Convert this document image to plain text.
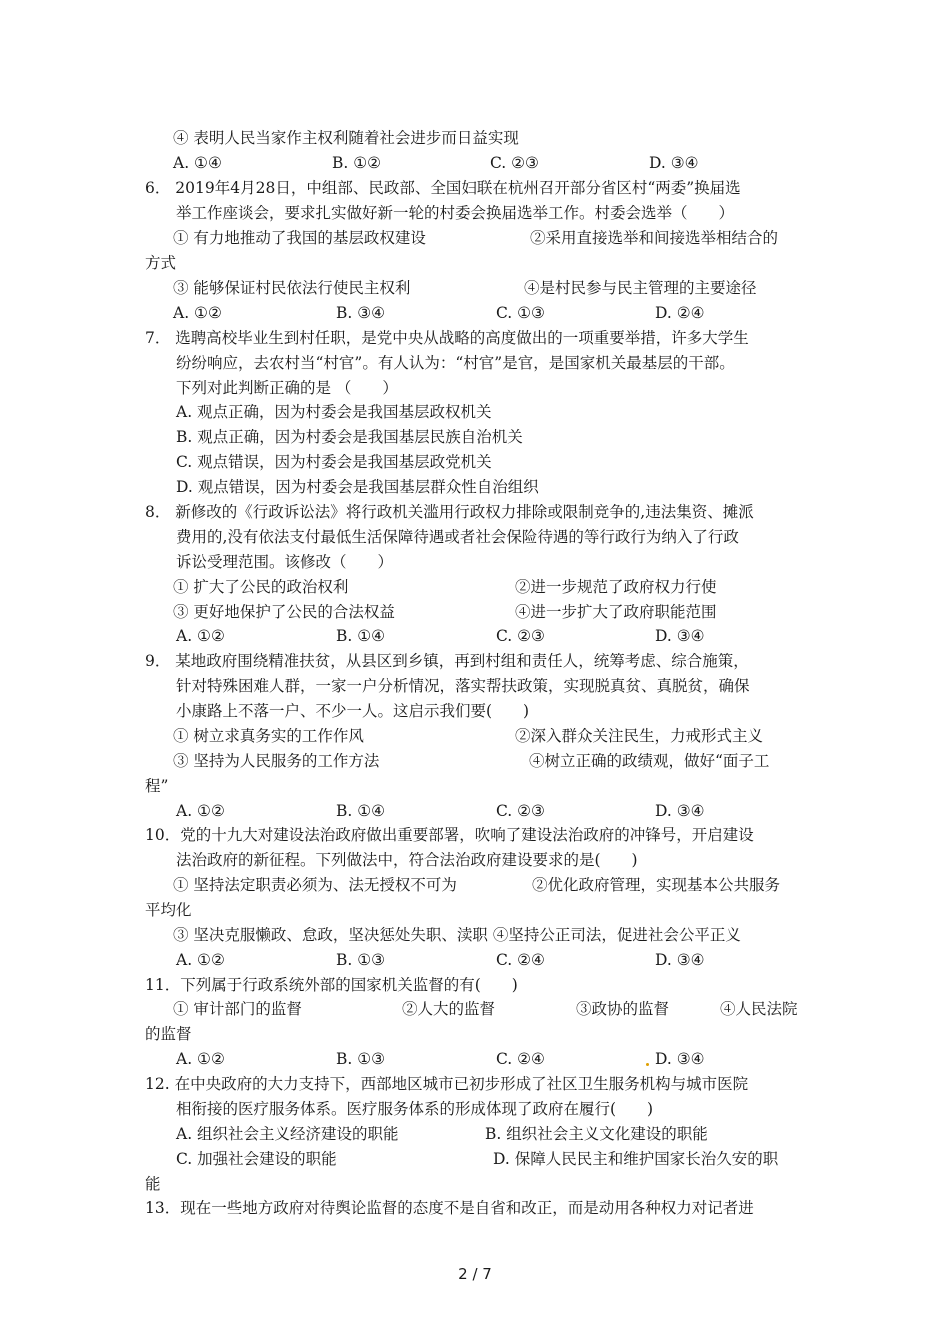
④ 表明人民当家作主权利随着社会进步而日益实现
A. ①④	B. ①②	C. ②③	D. ③④
6． 2019年4月28日，中组部、民政部、全国妇联在杭州召开部分省区村“两委”换届选
举工作座谈会，要求扎实做好新一轮的村委会换届选举工作。村委会选举（　　）
① 有力地推动了我国的基层政权建设	②采用直接选举和间接选举相结合的
方式
③ 能够保证村民依法行使民主权利	④是村民参与民主管理的主要途径
A. ①②	B. ③④	C. ①③	D. ②④
7． 选聘高校毕业生到村任职，是党中央从战略的高度做出的一项重要举措，许多大学生
纷纷响应，去农村当“村官”。有人认为：“村官”是官，是国家机关最基层的干部。
下列对此判断正确的是 （　　）
A. 观点正确，因为村委会是我国基层政权机关
B. 观点正确，因为村委会是我国基层民族自治机关
C. 观点错误，因为村委会是我国基层政党机关
D. 观点错误，因为村委会是我国基层群众性自治组织
8． 新修改的《行政诉讼法》将行政机关滥用行政权力排除或限制竞争的,违法集资、摊派
费用的,没有依法支付最低生活保障待遇或者社会保险待遇的等行政行为纳入了行政
诉讼受理范围。该修改（　　）
① 扩大了公民的政治权利	②进一步规范了政府权力行使
③ 更好地保护了公民的合法权益	④进一步扩大了政府职能范围
A. ①②	B. ①④	C. ②③	D. ③④
9． 某地政府围绕精准扶贫，从县区到乡镇，再到村组和责任人，统筹考虑、综合施策，
针对特殊困难人群，一家一户分析情况，落实帮扶政策，实现脱真贫、真脱贫，确保
小康路上不落一户、不少一人。这启示我们要(　　)
① 树立求真务实的工作作风	②深入群众关注民生，力戒形式主义
③ 坚持为人民服务的工作方法	④树立正确的政绩观，做好“面子工
程”
A. ①②	B. ①④	C. ②③	D. ③④
10．党的十九大对建设法治政府做出重要部署，吹响了建设法治政府的冲锋号，开启建设
法治政府的新征程。下列做法中，符合法治政府建设要求的是(　　)
① 坚持法定职责必须为、法无授权不可为	②优化政府管理，实现基本公共服务
平均化
③ 坚决克服懒政、怠政，坚决惩处失职、渎职 ④坚持公正司法，促进社会公平正义
A. ①②	B. ①③	C. ②④	D. ③④
11．下列属于行政系统外部的国家机关监督的有(　　)
① 审计部门的监督	②人大的监督	③政协的监督	④人民法院
的监督
A. ①②	B. ①③	C. ②④	D. ③④
12. 在中央政府的大力支持下，西部地区城市已初步形成了社区卫生服务机构与城市医院
相衔接的医疗服务体系。医疗服务体系的形成体现了政府在履行(　　)
A. 组织社会主义经济建设的职能	B. 组织社会主义文化建设的职能
C. 加强社会建设的职能	D. 保障人民民主和维护国家长治久安的职
能
13．现在一些地方政府对待舆论监督的态度不是自省和改正，而是动用各种权力对记者进
2 / 7
